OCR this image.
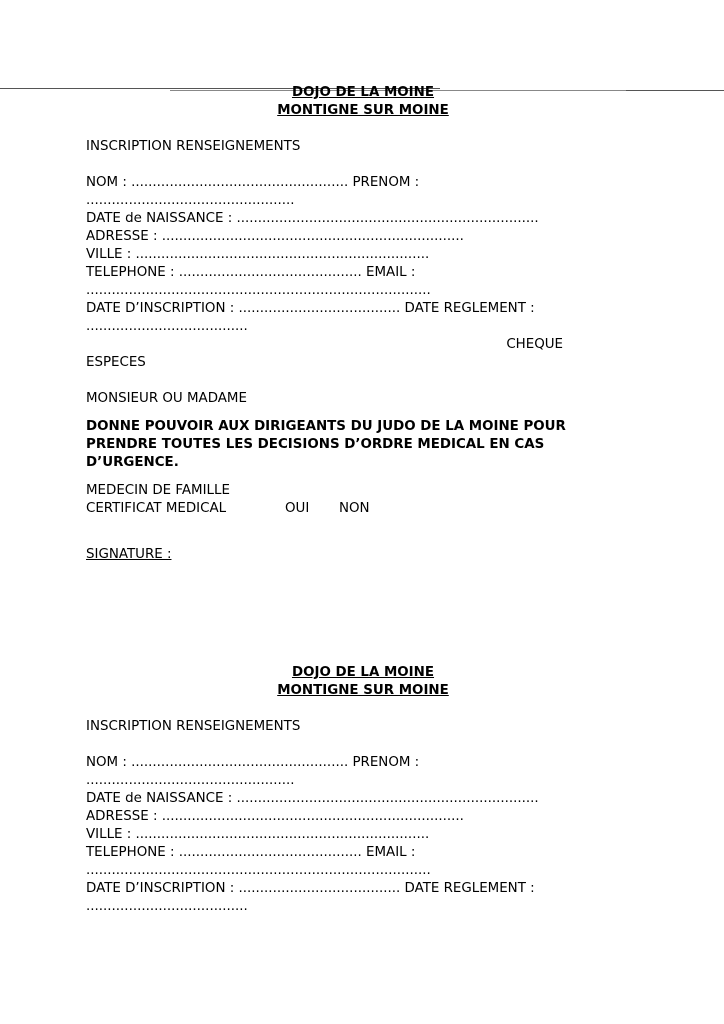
DOJO DE LA MOINE
MONTIGNE SUR MOINE
INSCRIPTION RENSEIGNEMENTS
NOM : ................................................... PRENOM :
.................................................
DATE de NAISSANCE : .......................................................................
ADRESSE : .......................................................................
VILLE : .....................................................................
TELEPHONE : ........................................... EMAIL :
.................................................................................
DATE D’INSCRIPTION : ...................................... DATE REGLEMENT :
......................................
CHEQUE
ESPECES
MONSIEUR OU MADAME
DONNE POUVOIR AUX DIRIGEANTS DU JUDO DE LA MOINE POUR PRENDRE TOUTES LES DECISIONS D’ORDRE MEDICAL EN CAS D’URGENCE.
MEDECIN DE FAMILLE
CERTIFICAT MEDICAL	OUI NON
SIGNATURE :
DOJO DE LA MOINE
MONTIGNE SUR MOINE
INSCRIPTION RENSEIGNEMENTS
NOM : ................................................... PRENOM :
.................................................
DATE de NAISSANCE : .......................................................................
ADRESSE : .......................................................................
VILLE : .....................................................................
TELEPHONE : ........................................... EMAIL :
.................................................................................
DATE D’INSCRIPTION : ...................................... DATE REGLEMENT :
......................................
